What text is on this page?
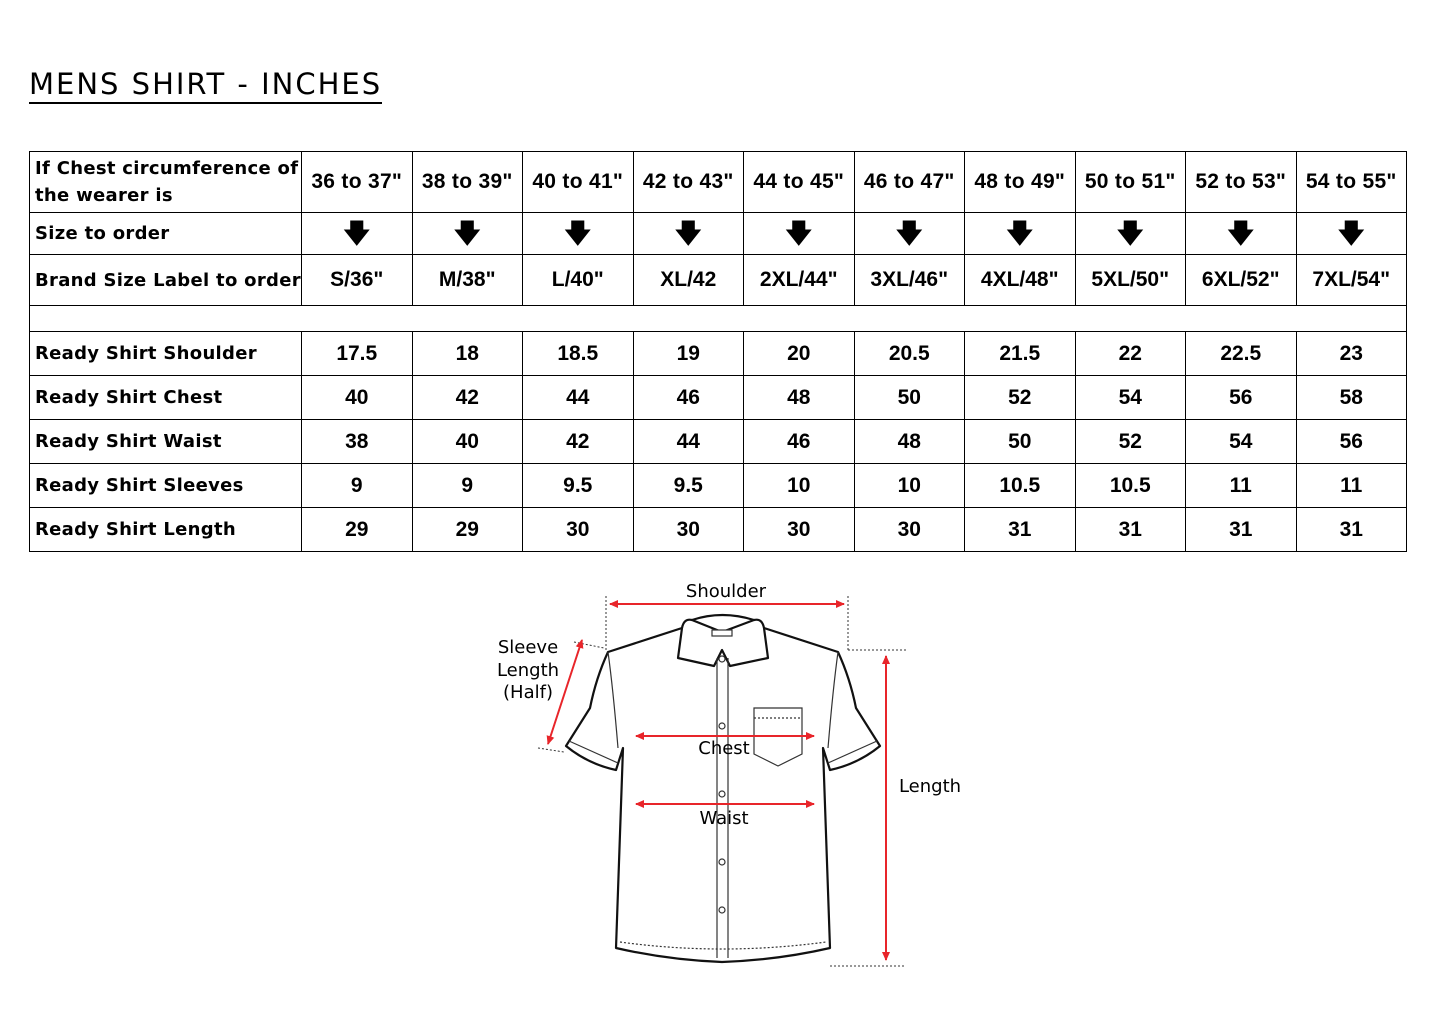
MENS SHIRT - INCHES
If Chest circumference of the wearer is	36 to 37"	38 to 39"	40 to 41"	42 to 43"	44 to 45"	46 to 47"	48 to 49"	50 to 51"	52 to 53"	54 to 55"
Size to order	🡇	🡇	🡇	🡇	🡇	🡇	🡇	🡇	🡇	🡇
Brand Size Label to order	S/36"	M/38"	L/40"	XL/42	2XL/44"	3XL/46"	4XL/48"	5XL/50"	6XL/52"	7XL/54"

Ready Shirt Shoulder	17.5	18	18.5	19	20	20.5	21.5	22	22.5	23
Ready Shirt Chest	40	42	44	46	48	50	52	54	56	58
Ready Shirt Waist	38	40	42	44	46	48	50	52	54	56
Ready Shirt Sleeves	9	9	9.5	9.5	10	10	10.5	10.5	11	11
Ready Shirt Length	29	29	30	30	30	30	31	31	31	31
Shoulder
Sleeve
Length
(Half)
Chest
Waist
Length
